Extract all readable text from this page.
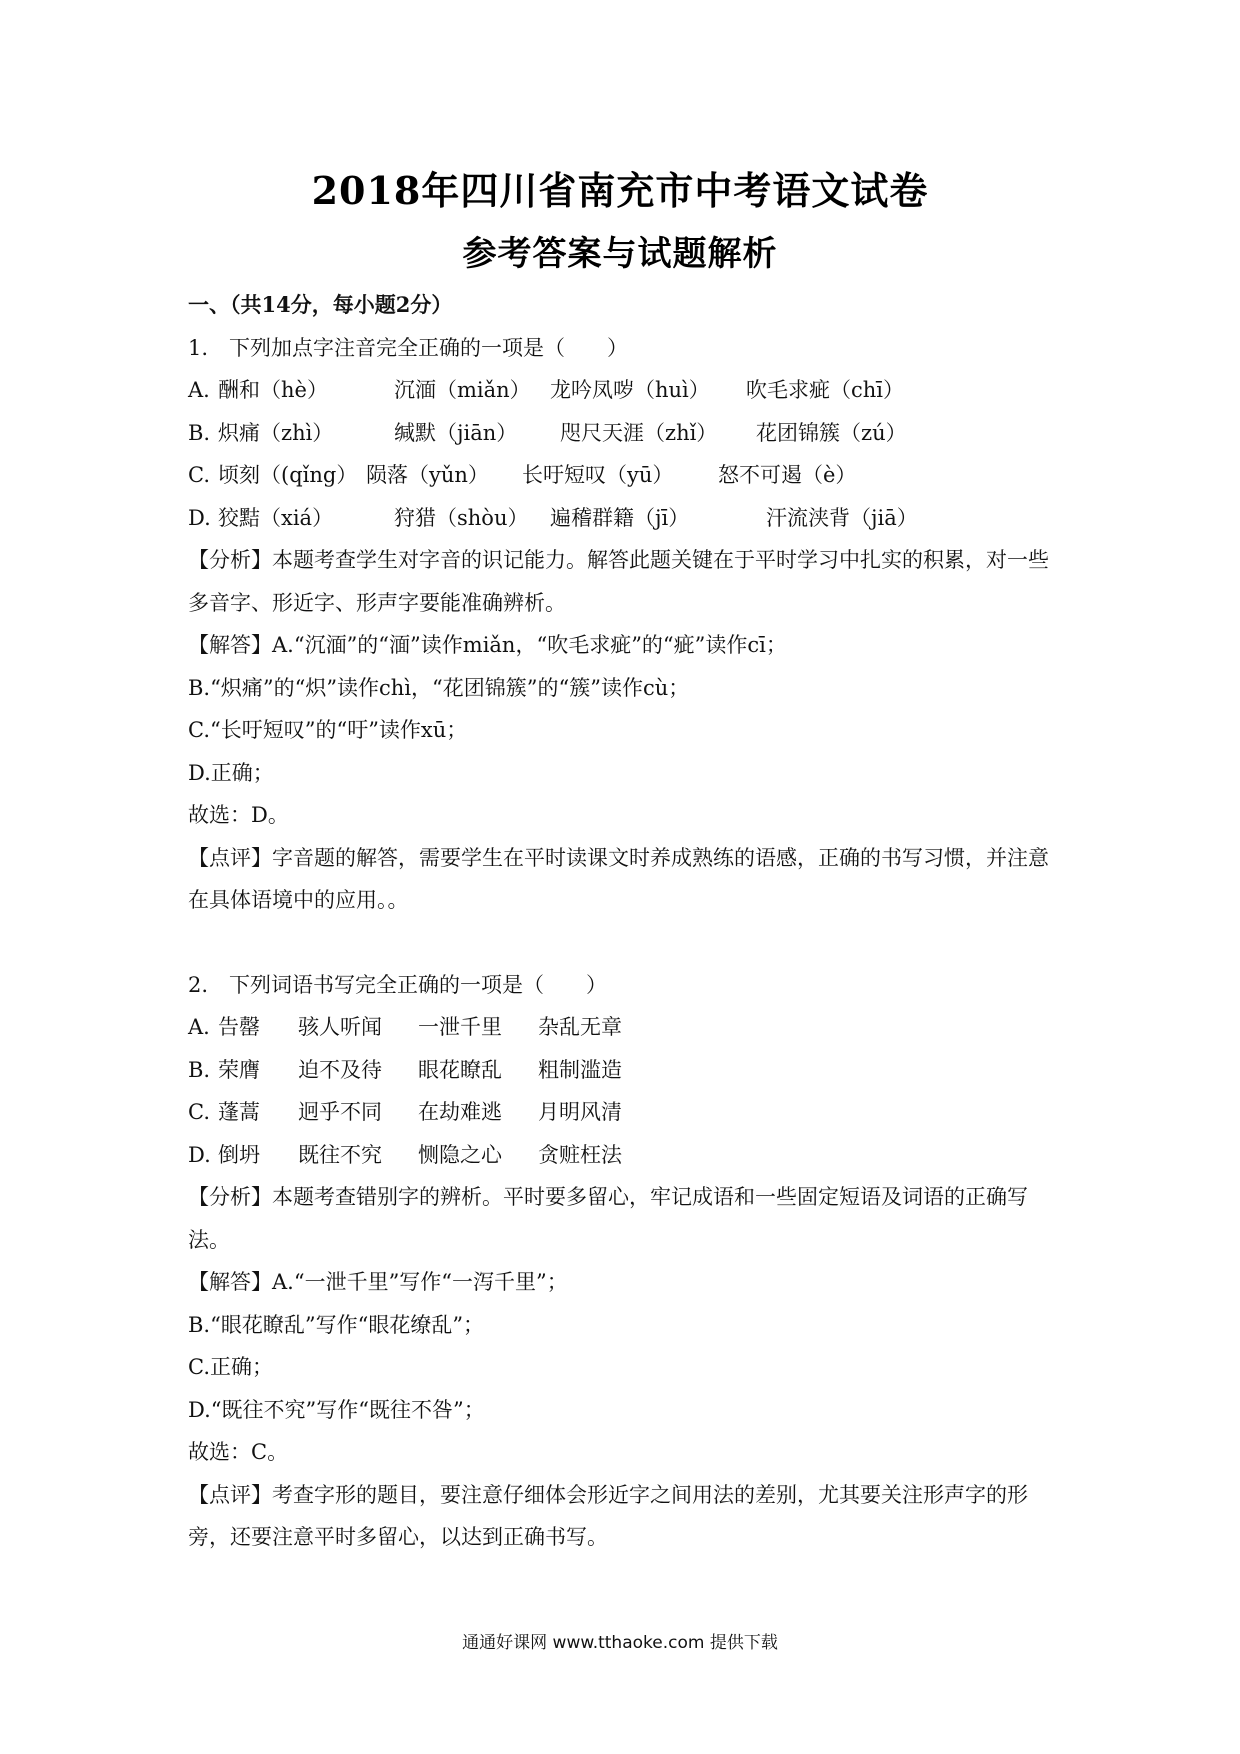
2018年四川省南充市中考语文试卷
参考答案与试题解析
一、（共14分，每小题2分）
1.　下列加点字注音完全正确的一项是（　　）
A. 酬和（hè）	沉湎（miǎn） 龙吟凤哕（huì）	吹毛求疵（chī）
B. 炽痛（zhì）	缄默（jiān）	咫尺天涯（zhǐ）	花团锦簇（zú）
C. 顷刻（(qǐng） 陨落（yǔn）	长吁短叹（yū）	怒不可遏（è）
D. 狡黠（xiá）	狩猎（shòu）	遍稽群籍（jī）	汗流浃背（jiā）
【分析】本题考查学生对字音的识记能力。解答此题关键在于平时学习中扎实的积累，对一些多音字、形近字、形声字要能准确辨析。
【解答】A.“沉湎”的“湎”读作miǎn，“吹毛求疵”的“疵”读作cī；
B.“炽痛”的“炽”读作chì，“花团锦簇”的“簇”读作cù；
C.“长吁短叹”的“吁”读作xū；
D.正确；
故选：D。
【点评】字音题的解答，需要学生在平时读课文时养成熟练的语感，正确的书写习惯，并注意在具体语境中的应用。。
2.　下列词语书写完全正确的一项是（　　）
A. 告罄	骇人听闻	一泄千里	杂乱无章
B. 荣膺	迫不及待	眼花瞭乱	粗制滥造
C. 蓬蒿	迥乎不同	在劫难逃	月明风清
D. 倒坍	既往不究	恻隐之心	贪赃枉法
【分析】本题考查错别字的辨析。平时要多留心，牢记成语和一些固定短语及词语的正确写法。
【解答】A.“一泄千里”写作“一泻千里”；
B.“眼花瞭乱”写作“眼花缭乱”；
C.正确；
D.“既往不究”写作“既往不咎”；
故选：C。
【点评】考查字形的题目，要注意仔细体会形近字之间用法的差别，尤其要关注形声字的形旁，还要注意平时多留心，以达到正确书写。
通通好课网 www.tthaoke.com 提供下载
